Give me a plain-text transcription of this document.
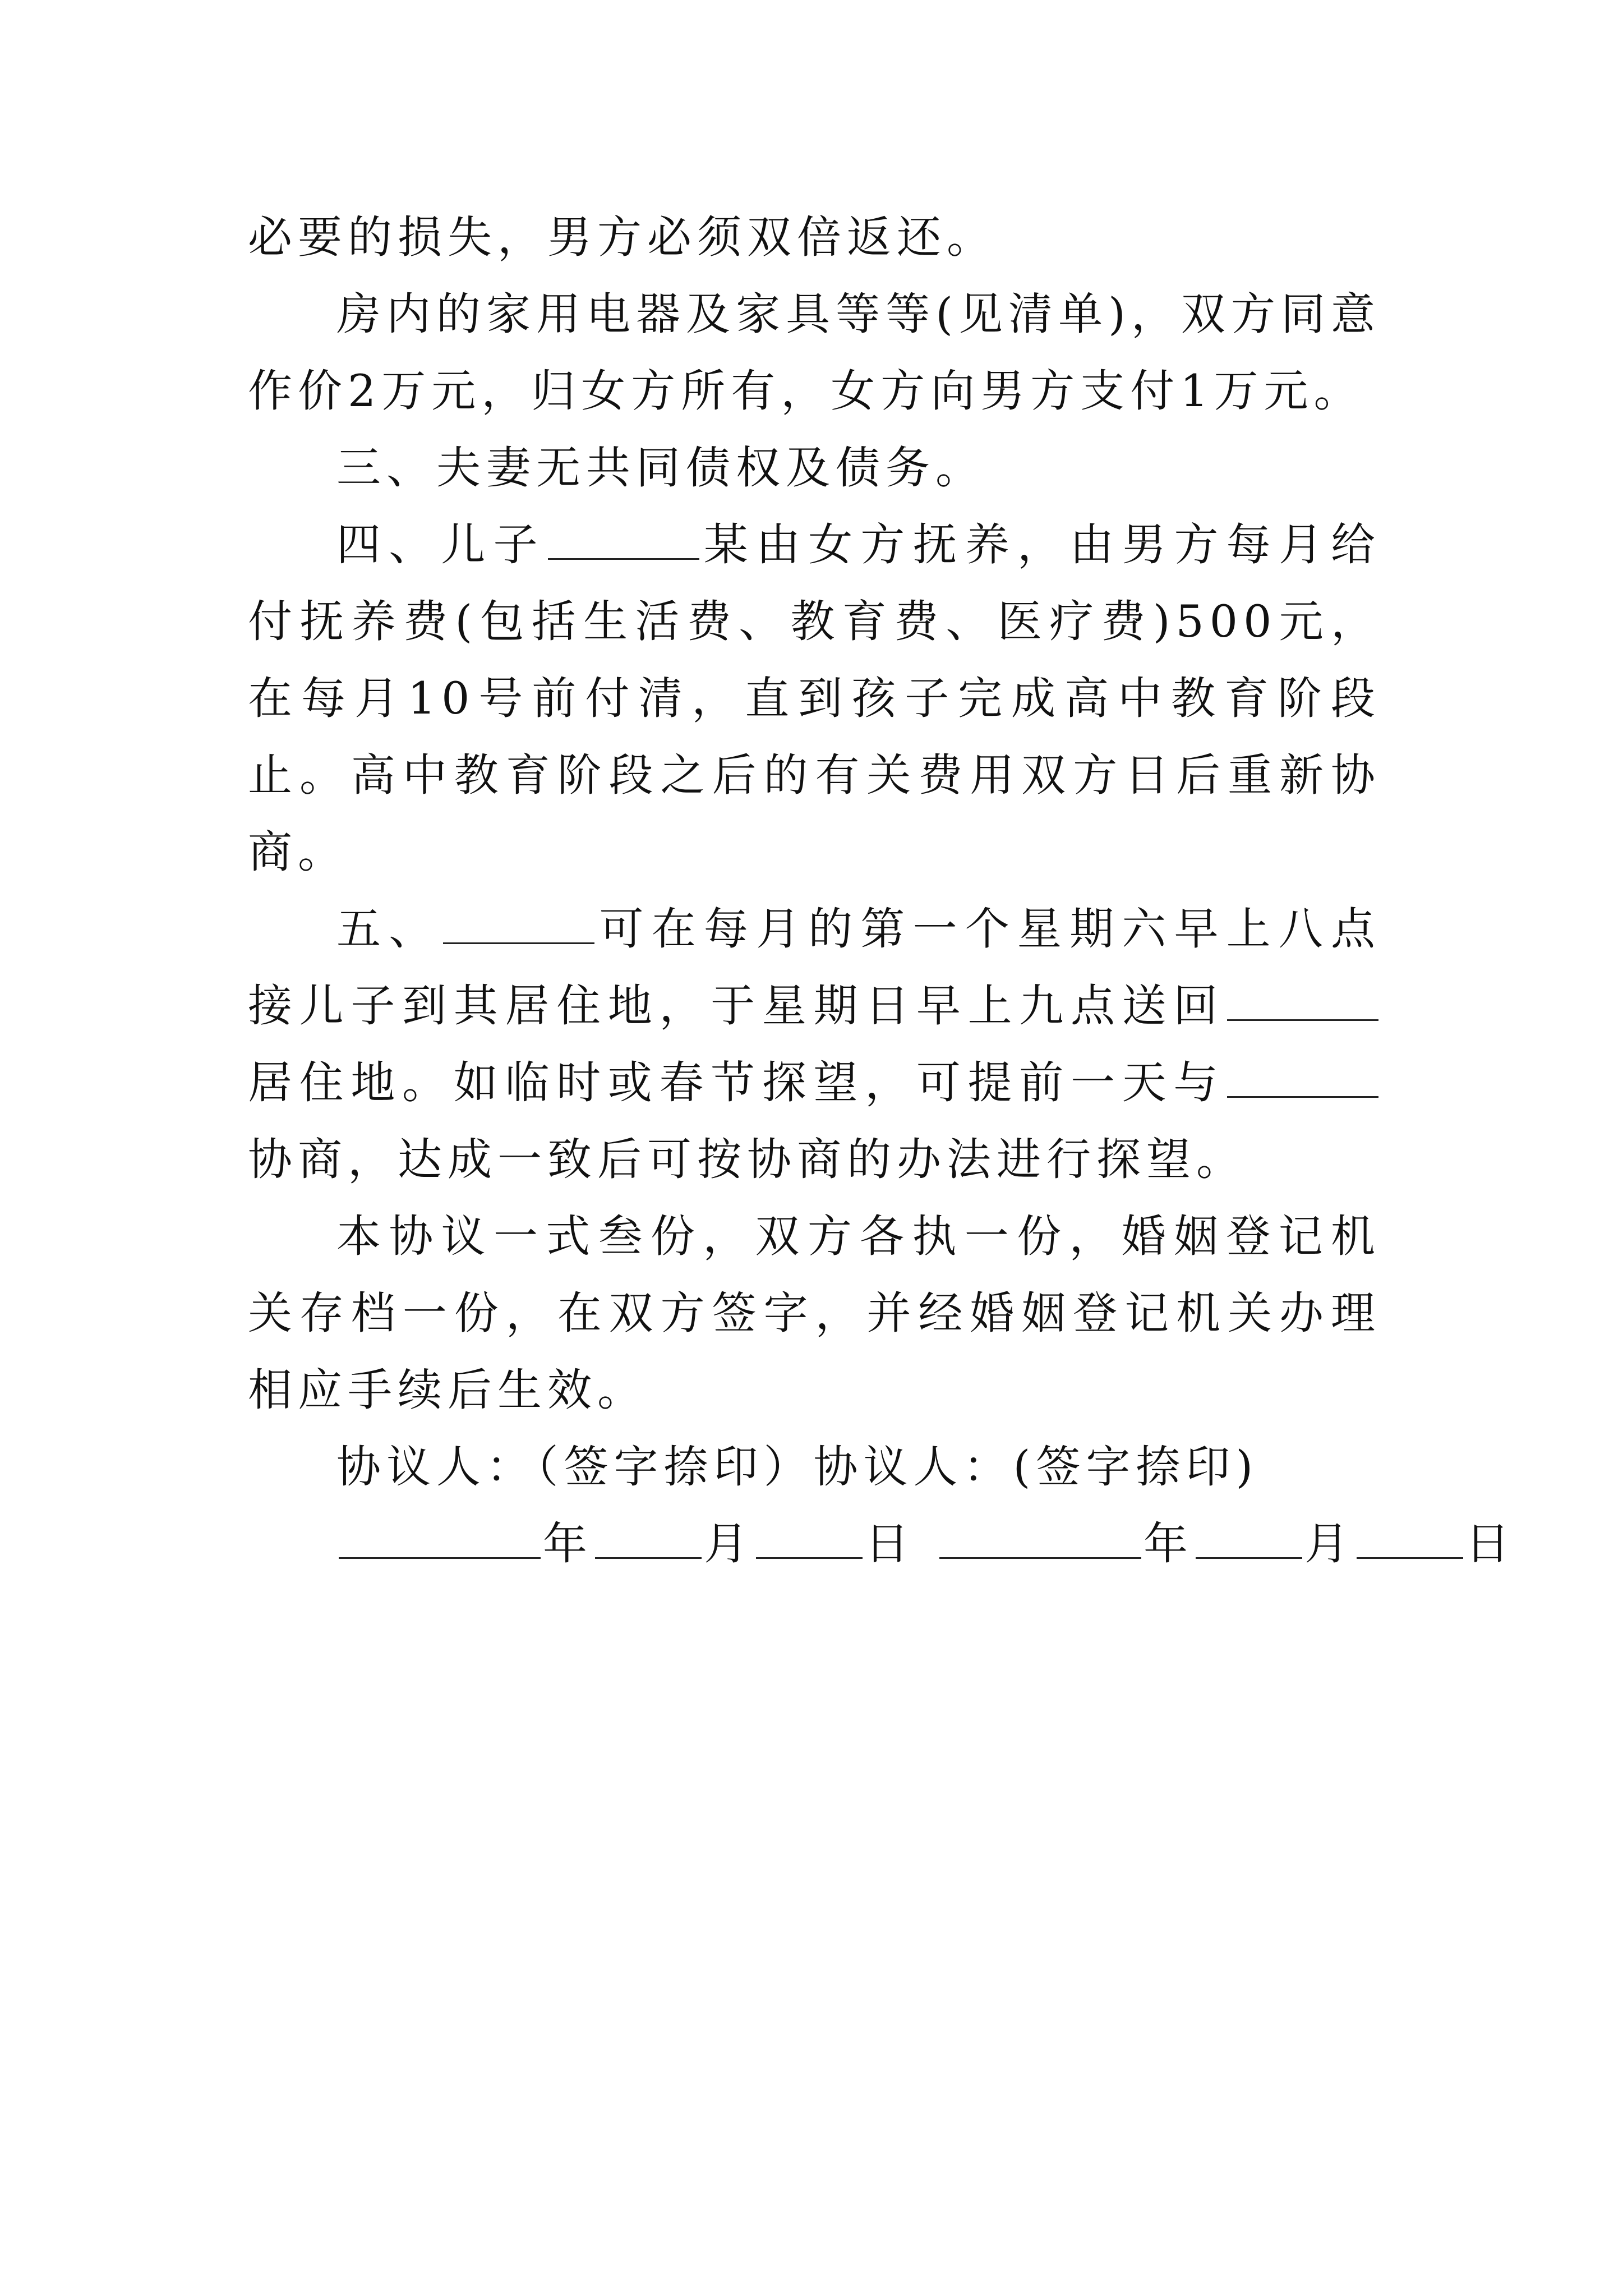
必要的损失，男方必须双倍返还。

房内的家用电器及家具等等(见清单)，双方同意作价2万元，归女方所有，女方向男方支付1万元。

三、夫妻无共同债权及债务。

四、儿子	某由女方抚养，由男方每月给付抚养费(包括生活费、教育费、医疗费)500元，在每月10号前付清，直到孩子完成高中教育阶段止。高中教育阶段之后的有关费用双方日后重新协商。

五、	可在每月的第一个星期六早上八点接儿子到其居住地，于星期日早上九点送回居住地。如临时或春节探望，可提前一天与协商，达成一致后可按协商的办法进行探望。

本协议一式叁份，双方各执一份，婚姻登记机关存档一份，在双方签字，并经婚姻登记机关办理相应手续后生效。

协议人：（签字捺印）协议人：(签字捺印)

年	月	日	年	月	日
